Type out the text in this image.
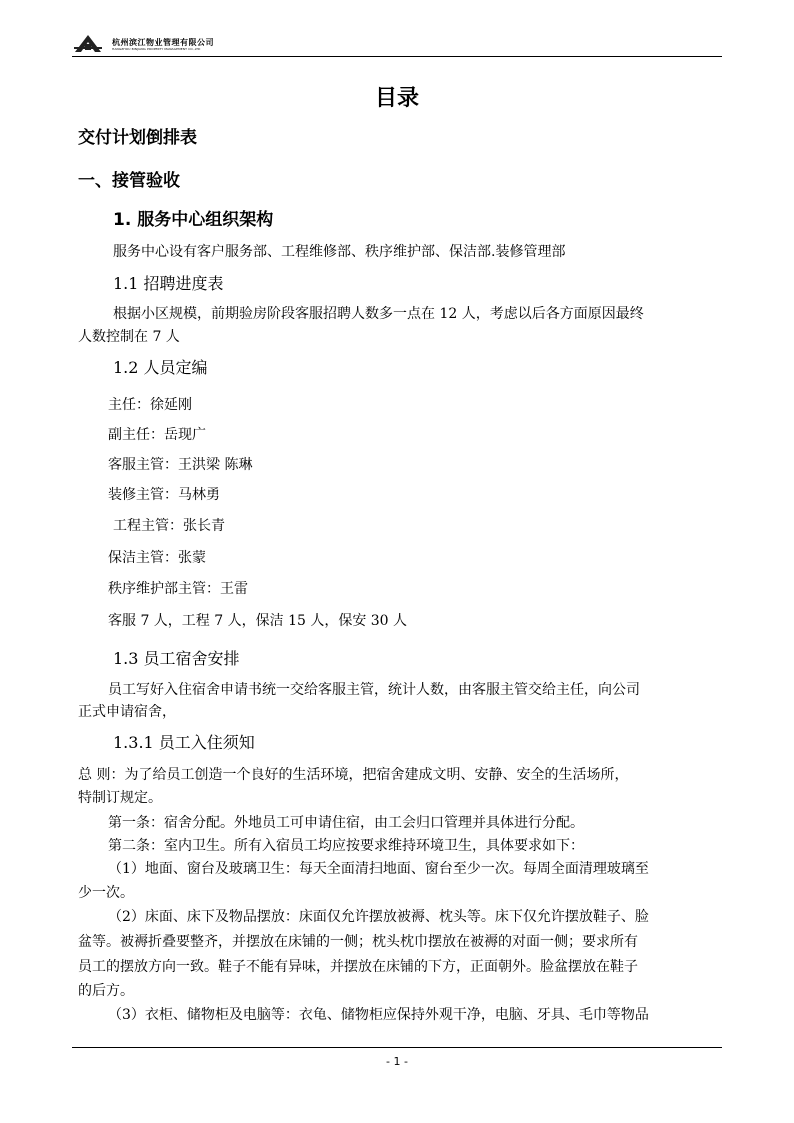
杭州滨江物业管理有限公司
HANGZHOU BINJIANG PROPERTY MANAGEMENT CO.,LTD
目录
交付计划倒排表
一、接管验收
1. 服务中心组织架构
服务中心设有客户服务部、工程维修部、秩序维护部、保洁部.装修管理部
1.1 招聘进度表
根据小区规模，前期验房阶段客服招聘人数多一点在 12 人，考虑以后各方面原因最终
人数控制在 7 人
1.2 人员定编
主任：徐延刚
副主任：岳现广
客服主管：王洪梁 陈琳
装修主管：马林勇
工程主管：张长青
保洁主管：张蒙
秩序维护部主管：王雷
客服 7 人，工程 7 人，保洁 15 人，保安 30 人
1.3 员工宿舍安排
员工写好入住宿舍申请书统一交给客服主管，统计人数，由客服主管交给主任，向公司
正式申请宿舍，
1.3.1 员工入住须知
总 则：为了给员工创造一个良好的生活环境，把宿舍建成文明、安静、安全的生活场所，
特制订规定。
第一条：宿舍分配。外地员工可申请住宿，由工会归口管理并具体进行分配。
第二条：室内卫生。所有入宿员工均应按要求维持环境卫生，具体要求如下：
（1）地面、窗台及玻璃卫生：每天全面清扫地面、窗台至少一次。每周全面清理玻璃至
少一次。
（2）床面、床下及物品摆放：床面仅允许摆放被褥、枕头等。床下仅允许摆放鞋子、脸
盆等。被褥折叠要整齐，并摆放在床铺的一侧；枕头枕巾摆放在被褥的对面一侧；要求所有
员工的摆放方向一致。鞋子不能有异味，并摆放在床铺的下方，正面朝外。脸盆摆放在鞋子
的后方。
（3）衣柜、储物柜及电脑等：衣龟、储物柜应保持外观干净，电脑、牙具、毛巾等物品
- 1 -
